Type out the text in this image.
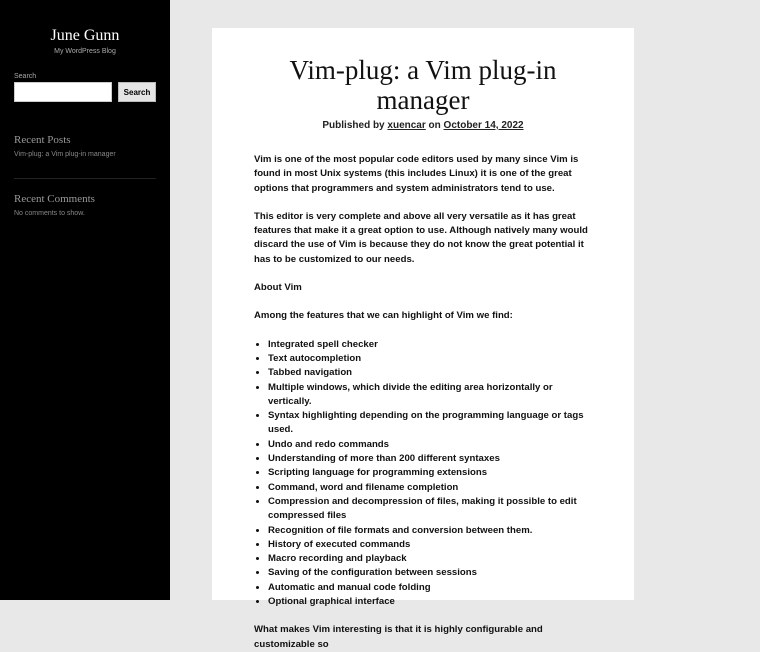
June Gunn
My WordPress Blog
Search
Search
Recent Posts
Vim-plug: a Vim plug-in manager
Recent Comments
No comments to show.
Vim-plug: a Vim plug-in manager
Published by xuencar on October 14, 2022

Vim is one of the most popular code editors used by many since Vim is found in most Unix systems (this includes Linux) it is one of the great options that programmers and system administrators tend to use.

This editor is very complete and above all very versatile as it has great features that make it a great option to use. Although natively many would discard the use of Vim is because they do not know the great potential it has to be customized to our needs.

About Vim

Among the features that we can highlight of Vim we find:

• Integrated spell checker
• Text autocompletion
• Tabbed navigation
• Multiple windows, which divide the editing area horizontally or vertically.
• Syntax highlighting depending on the programming language or tags used.
• Undo and redo commands
• Understanding of more than 200 different syntaxes
• Scripting language for programming extensions
• Command, word and filename completion
• Compression and decompression of files, making it possible to edit compressed files
• Recognition of file formats and conversion between them.
• History of executed commands
• Macro recording and playback
• Saving of the configuration between sessions
• Automatic and manual code folding
• Optional graphical interface

What makes Vim interesting is that it is highly configurable and customizable so
